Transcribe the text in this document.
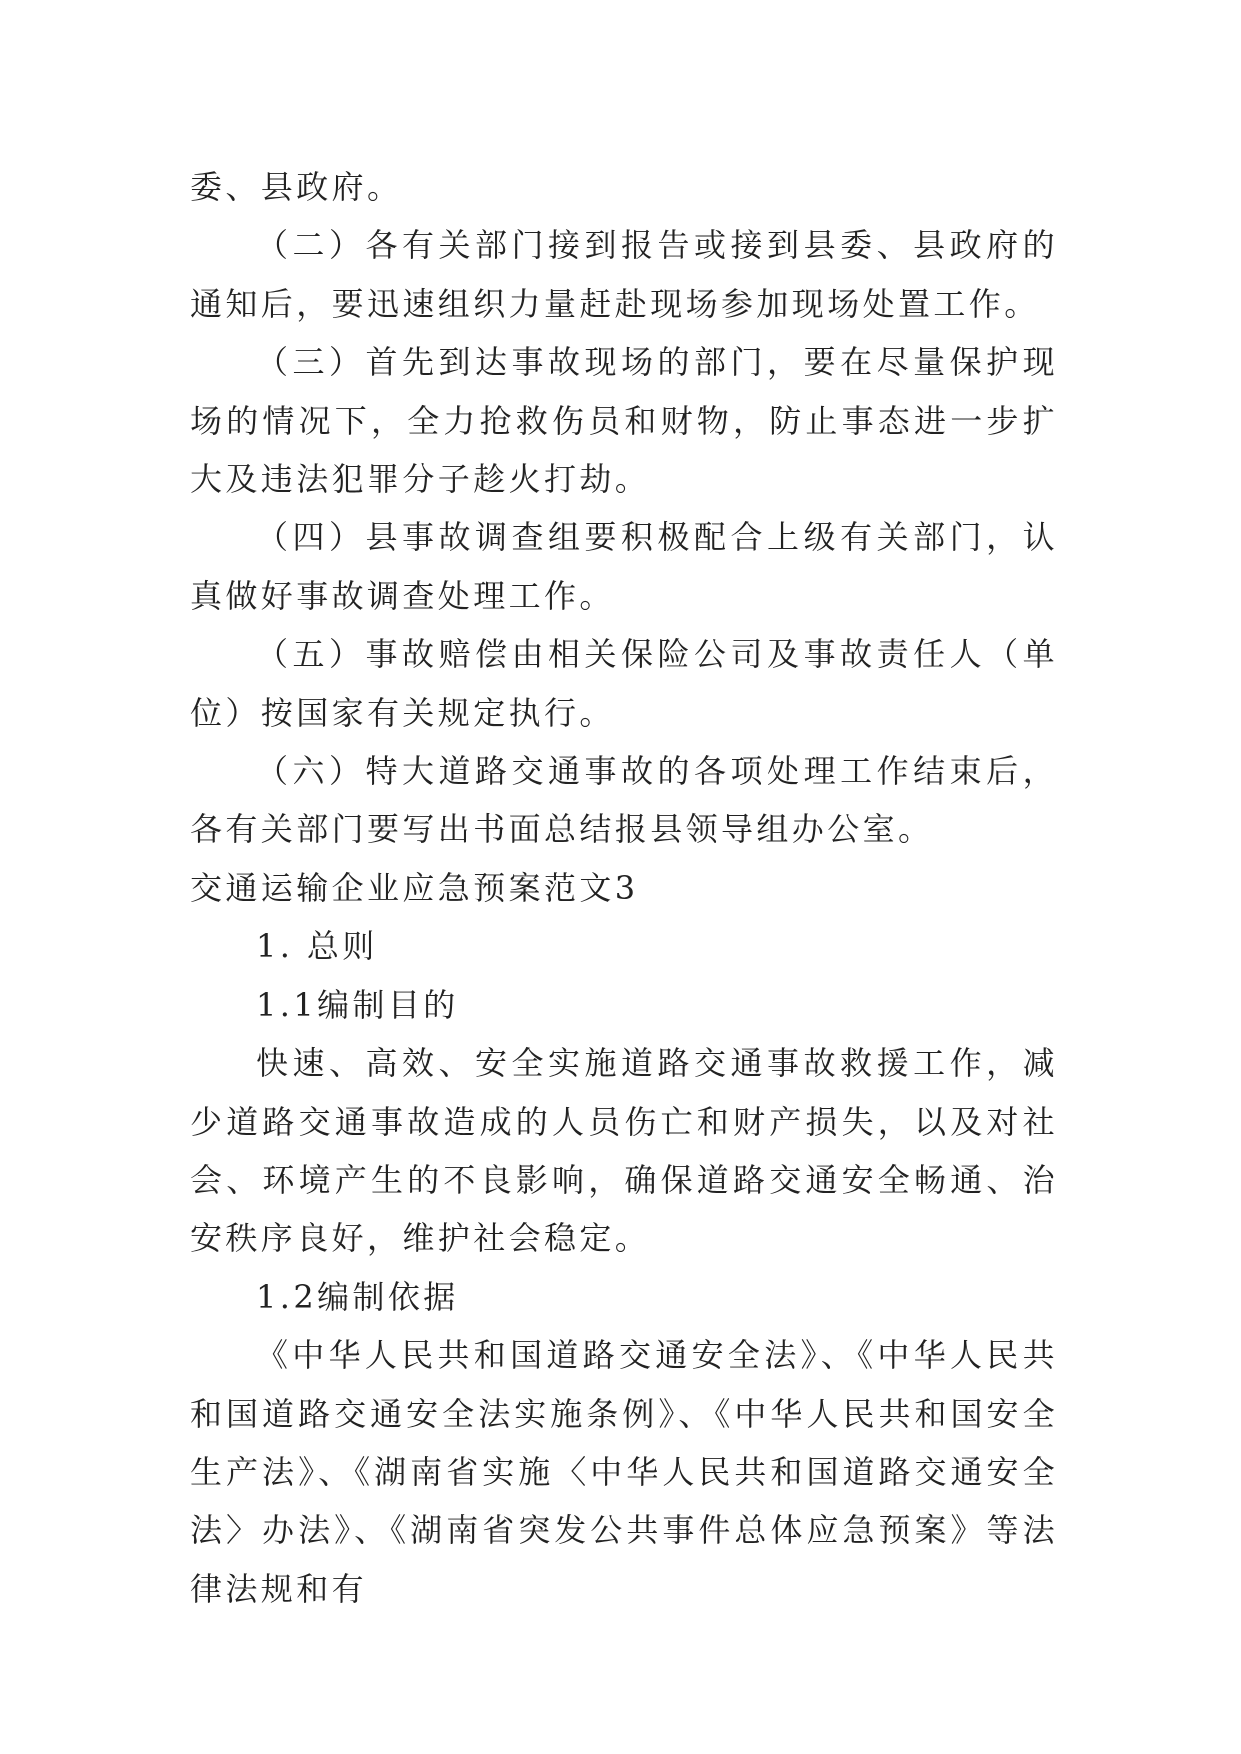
委、县政府。

（二）各有关部门接到报告或接到县委、县政府的通知后，要迅速组织力量赶赴现场参加现场处置工作。

（三）首先到达事故现场的部门，要在尽量保护现场的情况下，全力抢救伤员和财物，防止事态进一步扩大及违法犯罪分子趁火打劫。

（四）县事故调查组要积极配合上级有关部门，认真做好事故调查处理工作。

（五）事故赔偿由相关保险公司及事故责任人（单位）按国家有关规定执行。

（六）特大道路交通事故的各项处理工作结束后，各有关部门要写出书面总结报县领导组办公室。

交通运输企业应急预案范文3

1. 总则

1.1编制目的

快速、高效、安全实施道路交通事故救援工作，减少道路交通事故造成的人员伤亡和财产损失，以及对社会、环境产生的不良影响，确保道路交通安全畅通、治安秩序良好，维护社会稳定。

1.2编制依据

《中华人民共和国道路交通安全法》、《中华人民共和国道路交通安全法实施条例》、《中华人民共和国安全生产法》、《湖南省实施〈中华人民共和国道路交通安全法〉办法》、《湖南省突发公共事件总体应急预案》等法律法规和有
